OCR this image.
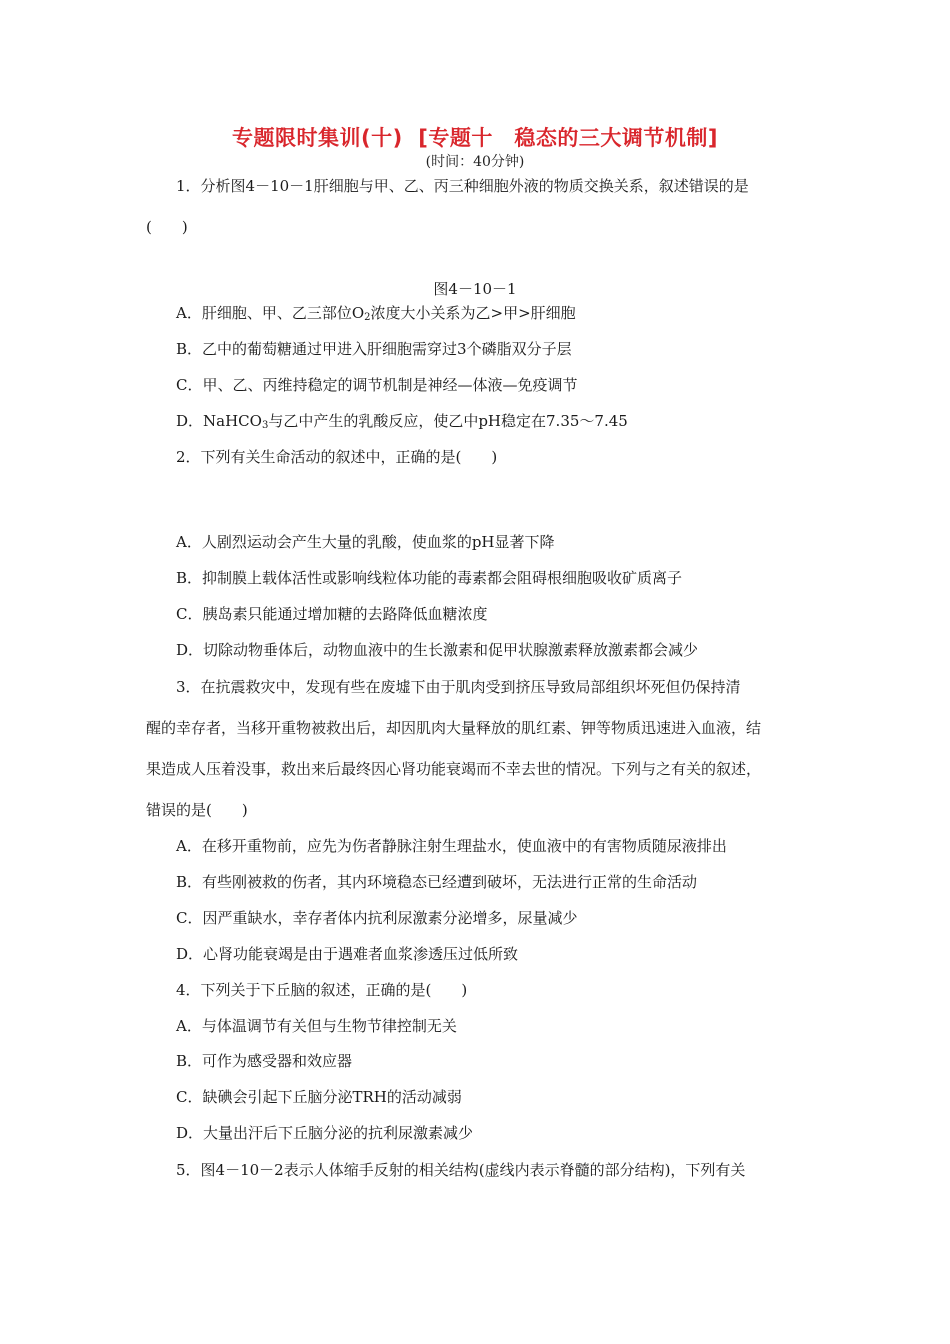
专题限时集训(十)  [专题十　稳态的三大调节机制]
(时间：40分钟)
1．分析图4－10－1肝细胞与甲、乙、丙三种细胞外液的物质交换关系，叙述错误的是
(　　)
图4－10－1
A．肝细胞、甲、乙三部位$O_2$浓度大小关系为乙>甲>肝细胞
B．乙中的葡萄糖通过甲进入肝细胞需穿过3个磷脂双分子层
C．甲、乙、丙维持稳定的调节机制是神经—体液—免疫调节
D．NaHCO$_3$与乙中产生的乳酸反应，使乙中pH稳定在7.35～7.45
2．下列有关生命活动的叙述中，正确的是(　　)
A．人剧烈运动会产生大量的乳酸，使血浆的pH显著下降
B．抑制膜上载体活性或影响线粒体功能的毒素都会阻碍根细胞吸收矿质离子
C．胰岛素只能通过增加糖的去路降低血糖浓度
D．切除动物垂体后，动物血液中的生长激素和促甲状腺激素释放激素都会减少
3．在抗震救灾中，发现有些在废墟下由于肌肉受到挤压导致局部组织坏死但仍保持清
醒的幸存者，当移开重物被救出后，却因肌肉大量释放的肌红素、钾等物质迅速进入血液，结
果造成人压着没事，救出来后最终因心肾功能衰竭而不幸去世的情况。下列与之有关的叙述，
错误的是(　　)
A．在移开重物前，应先为伤者静脉注射生理盐水，使血液中的有害物质随尿液排出
B．有些刚被救的伤者，其内环境稳态已经遭到破坏，无法进行正常的生命活动
C．因严重缺水，幸存者体内抗利尿激素分泌增多，尿量减少
D．心肾功能衰竭是由于遇难者血浆渗透压过低所致
4．下列关于下丘脑的叙述，正确的是(　　)
A．与体温调节有关但与生物节律控制无关
B．可作为感受器和效应器
C．缺碘会引起下丘脑分泌TRH的活动减弱
D．大量出汗后下丘脑分泌的抗利尿激素减少
5．图4－10－2表示人体缩手反射的相关结构(虚线内表示脊髓的部分结构)，下列有关
